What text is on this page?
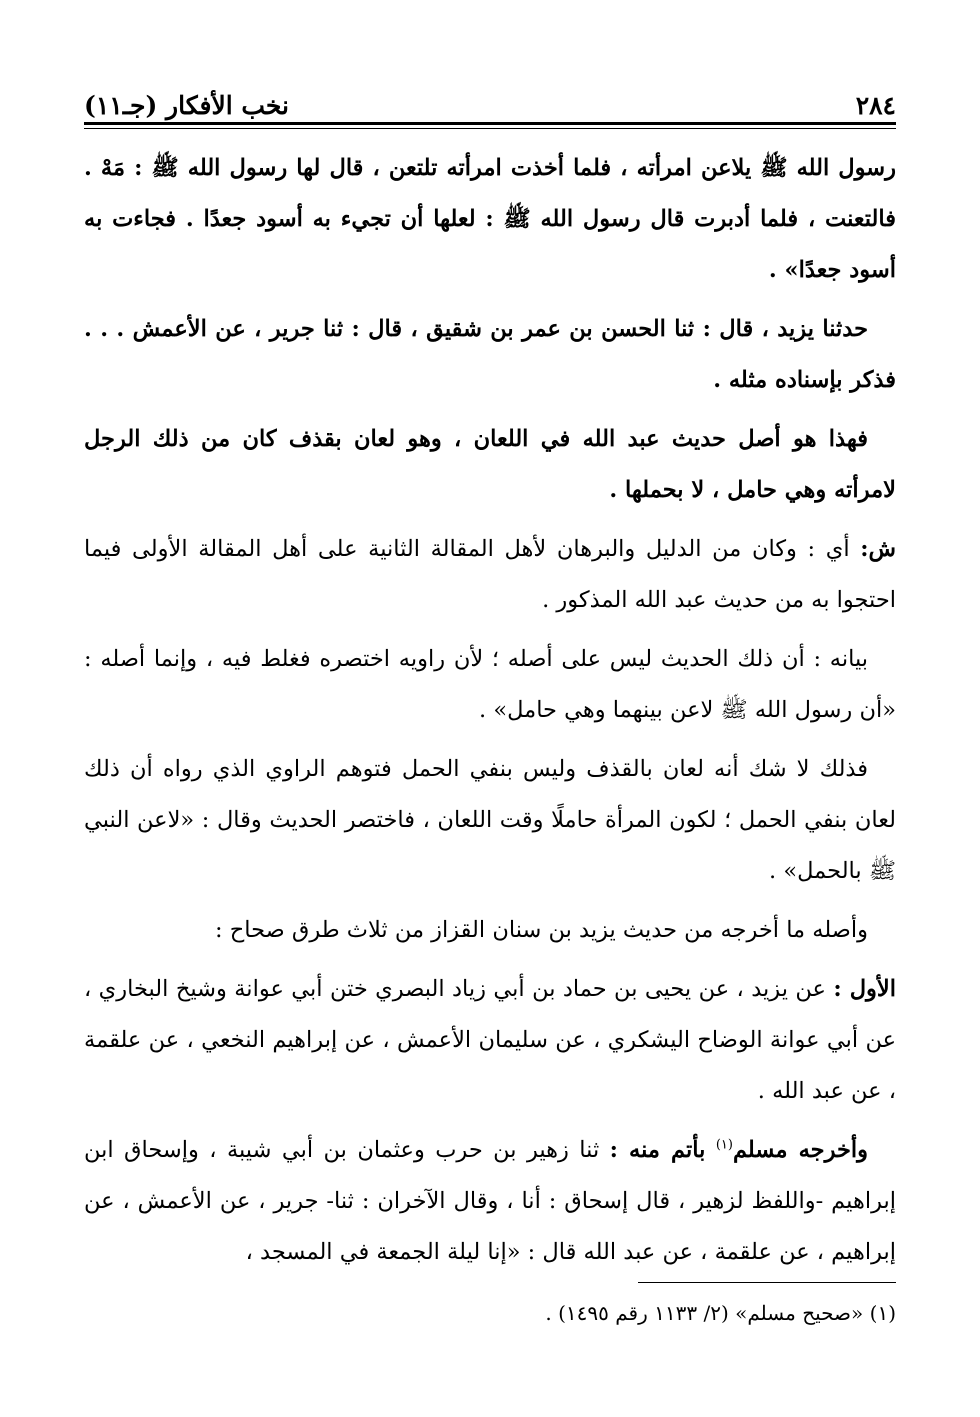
٢٨٤
نخب الأفكار (جـ١١)

رسول الله ﷺ يلاعن امرأته ، فلما أخذت امرأته تلتعن ، قال لها رسول الله ﷺ : مَهْ . فالتعنت ، فلما أدبرت قال رسول الله ﷺ : لعلها أن تجيء به أسود جعدًا . فجاءت به أسود جعدًا» .

حدثنا يزيد ، قال : ثنا الحسن بن عمر بن شقيق ، قال : ثنا جرير ، عن الأعمش . . . فذكر بإسناده مثله .

فهذا هو أصل حديث عبد الله في اللعان ، وهو لعان بقذف كان من ذلك الرجل لامرأته وهي حامل ، لا بحملها .

ش: أي : وكان من الدليل والبرهان لأهل المقالة الثانية على أهل المقالة الأولى فيما احتجوا به من حديث عبد الله المذكور .

بيانه : أن ذلك الحديث ليس على أصله ؛ لأن راويه اختصره فغلط فيه ، وإنما أصله : «أن رسول الله ﷺ لاعن بينهما وهي حامل» .

فذلك لا شك أنه لعان بالقذف وليس بنفي الحمل فتوهم الراوي الذي رواه أن ذلك لعان بنفي الحمل ؛ لكون المرأة حاملًا وقت اللعان ، فاختصر الحديث وقال : «لاعن النبي ﷺ بالحمل» .

وأصله ما أخرجه من حديث يزيد بن سنان القزاز من ثلاث طرق صحاح :

الأول : عن يزيد ، عن يحيى بن حماد بن أبي زياد البصري ختن أبي عوانة وشيخ البخاري ، عن أبي عوانة الوضاح اليشكري ، عن سليمان الأعمش ، عن إبراهيم النخعي ، عن علقمة ، عن عبد الله .

وأخرجه مسلم$^{(١)}$ بأتم منه : ثنا زهير بن حرب وعثمان بن أبي شيبة ، وإسحاق ابن إبراهيم -واللفظ لزهير ، قال إسحاق : أنا ، وقال الآخران : ثنا- جرير ، عن الأعمش ، عن إبراهيم ، عن علقمة ، عن عبد الله قال : «إنا ليلة الجمعة في المسجد ،

(١) «صحيح مسلم» (٢/ ١١٣٣ رقم ١٤٩٥) .
